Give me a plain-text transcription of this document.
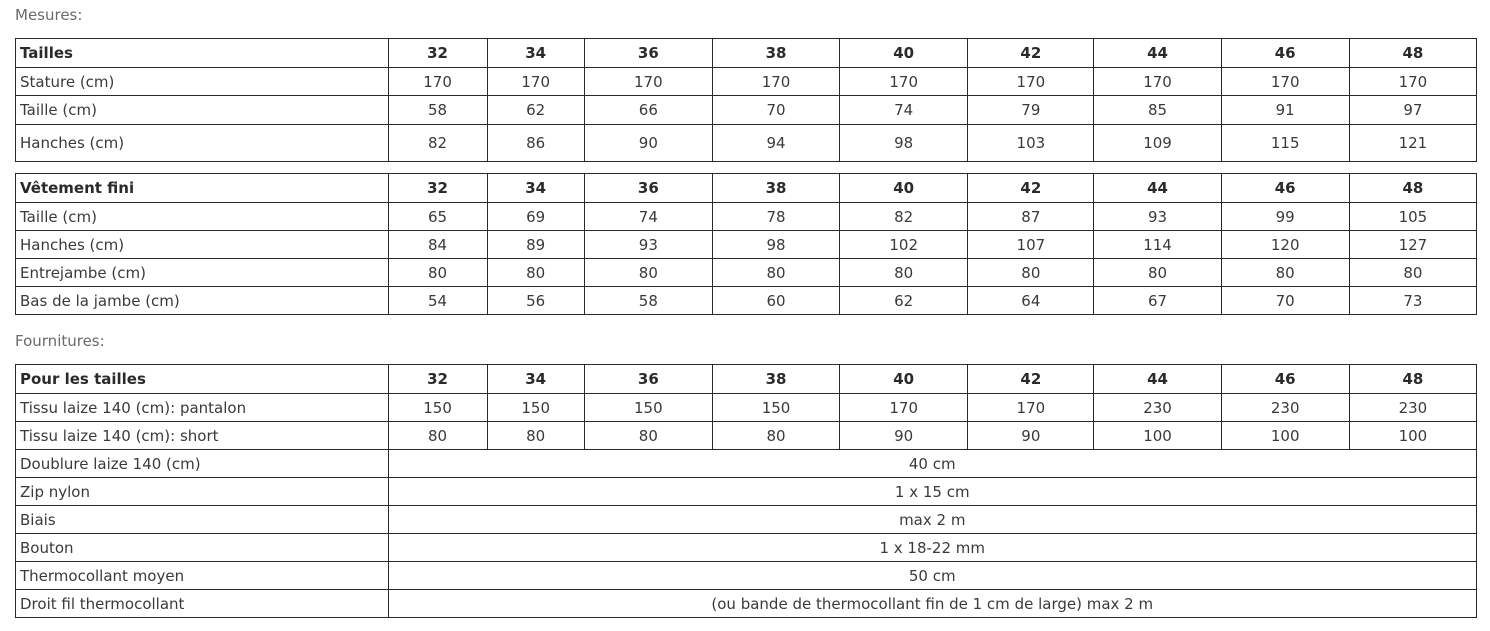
Mesures:
Tailles	32	34	36	38	40	42	44	46	48
Stature (cm)	170	170	170	170	170	170	170	170	170
Taille (cm)	58	62	66	70	74	79	85	91	97
Hanches (cm)	82	86	90	94	98	103	109	115	121
Vêtement fini	32	34	36	38	40	42	44	46	48
Taille (cm)	65	69	74	78	82	87	93	99	105
Hanches (cm)	84	89	93	98	102	107	114	120	127
Entrejambe (cm)	80	80	80	80	80	80	80	80	80
Bas de la jambe (cm)	54	56	58	60	62	64	67	70	73
Fournitures:
Pour les tailles	32	34	36	38	40	42	44	46	48
Tissu laize 140 (cm): pantalon	150	150	150	150	170	170	230	230	230
Tissu laize 140 (cm): short	80	80	80	80	90	90	100	100	100
Doublure laize 140 (cm)	40 cm								
Zip nylon	1 x 15 cm								
Biais	max 2 m								
Bouton	1 x 18-22 mm								
Thermocollant moyen	50 cm								
Droit fil thermocollant	(ou bande de thermocollant fin de 1 cm de large) max 2 m								
